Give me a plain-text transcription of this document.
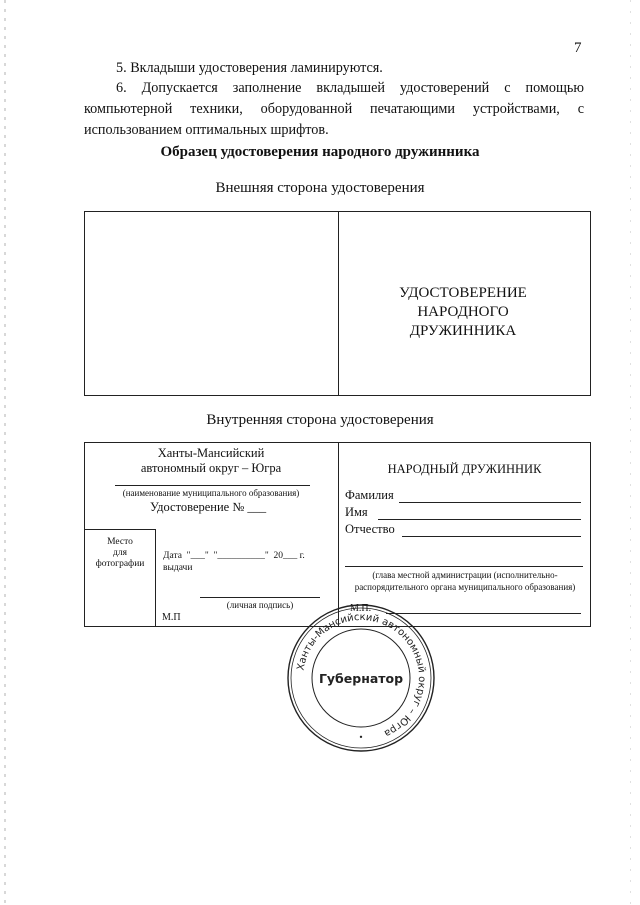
7
5. Вкладыши удостоверения ламинируются.
6. Допускается заполнение вкладышей удостоверений с помощью компьютерной техники, оборудованной печатающими устройствами, с использованием оптимальных шрифтов.
Образец удостоверения народного дружинника
Внешняя сторона удостоверения
УДОСТОВЕРЕНИЕ
НАРОДНОГО
ДРУЖИННИКА
Внутренняя сторона удостоверения
Ханты-Мансийский
автономный округ – Югра
(наименование муниципального образования)
Удостоверение № ___
Место
для
фотографии
Дата  "___"  "__________"  20___ г.
выдачи
(личная подпись)
М.П
НАРОДНЫЙ ДРУЖИННИК
Фамилия
Имя
Отчество
(глава местной администрации (исполнительно-
распорядительного органа муниципального образования)
М.П.
Ханты-Мансийский автономный округ – Югра
Губернатор
•
